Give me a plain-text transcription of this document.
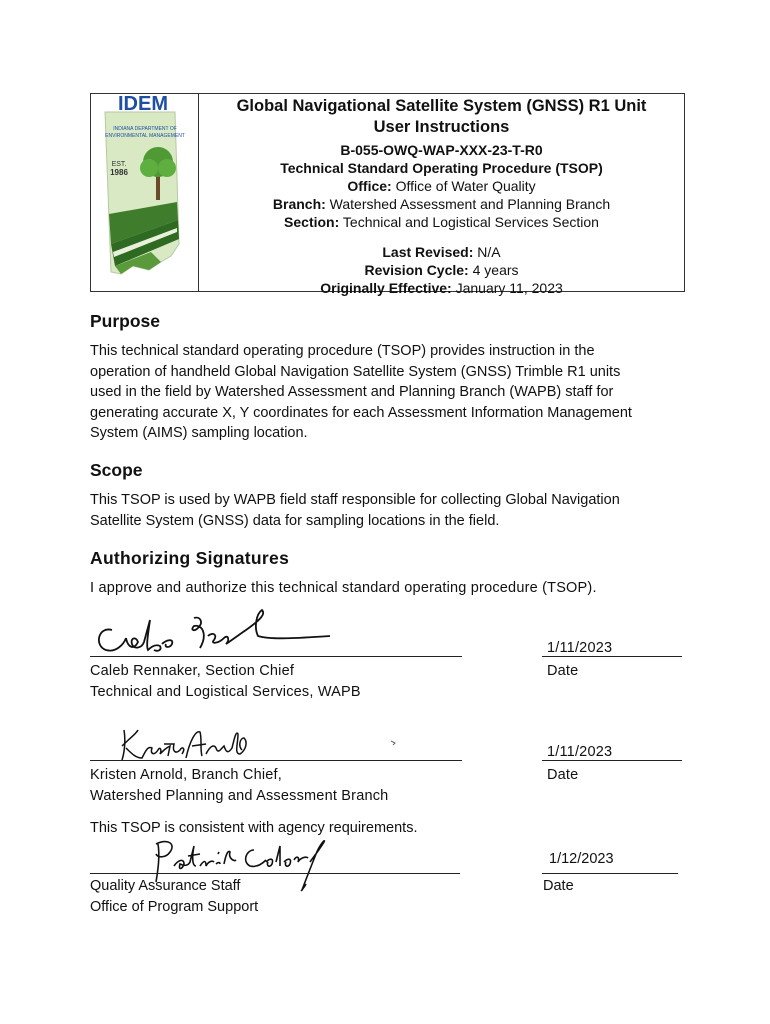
IDEM
INDIANA DEPARTMENT OF
ENVIRONMENTAL MANAGEMENT
EST.
1986
Global Navigational Satellite System (GNSS) R1 Unit
User Instructions
B-055-OWQ-WAP-XXX-23-T-R0
Technical Standard Operating Procedure (TSOP)
Office: Office of Water Quality
Branch: Watershed Assessment and Planning Branch
Section: Technical and Logistical Services Section
Last Revised: N/A
Revision Cycle: 4 years
Originally Effective: January 11, 2023
Purpose
This technical standard operating procedure (TSOP) provides instruction in the
operation of handheld Global Navigation Satellite System (GNSS) Trimble R1 units
used in the field by Watershed Assessment and Planning Branch (WAPB) staff for
generating accurate X, Y coordinates for each Assessment Information Management
System (AIMS) sampling location.
Scope
This TSOP is used by WAPB field staff responsible for collecting Global Navigation
Satellite System (GNSS) data for sampling locations in the field.
Authorizing Signatures
I approve and authorize this technical standard operating procedure (TSOP).
1/11/2023
Caleb Rennaker, Section Chief
Technical and Logistical Services, WAPB
Date
1/11/2023
Kristen Arnold, Branch Chief,
Watershed Planning and Assessment Branch
Date
This TSOP is consistent with agency requirements.
1/12/2023
Quality Assurance Staff
Office of Program Support
Date
